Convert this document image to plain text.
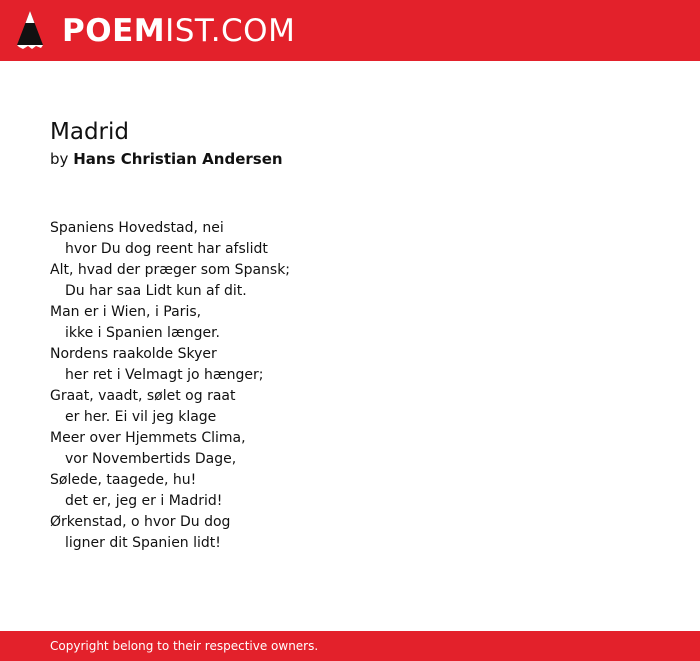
POEMIST.COM
Madrid
by Hans Christian Andersen
Spaniens Hovedstad, nei
hvor Du dog reent har afslidt
Alt, hvad der præger som Spansk;
Du har saa Lidt kun af dit.
Man er i Wien, i Paris,
ikke i Spanien længer.
Nordens raakolde Skyer
her ret i Velmagt jo hænger;
Graat, vaadt, sølet og raat
er her. Ei vil jeg klage
Meer over Hjemmets Clima,
vor Novembertids Dage,
Sølede, taagede, hu!
det er, jeg er i Madrid!
Ørkenstad, o hvor Du dog
ligner dit Spanien lidt!
Copyright belong to their respective owners.
